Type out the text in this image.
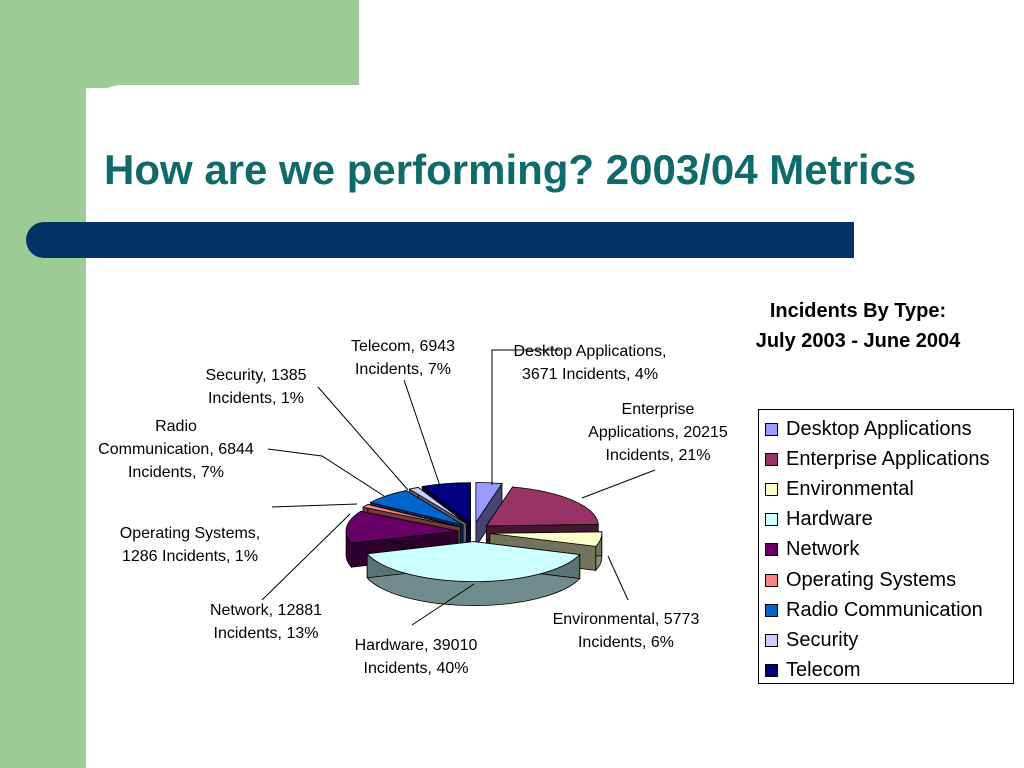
How are we performing? 2003/04 Metrics
Desktop Applications, 3671 Incidents, 4%
Enterprise Applications, 20215 Incidents, 21%
Environmental, 5773 Incidents, 6%
Hardware, 39010 Incidents, 40%
Network, 12881 Incidents, 13%
Operating Systems, 1286 Incidents, 1%
Radio Communication, 6844 Incidents, 7%
Security, 1385 Incidents, 1%
Telecom, 6943 Incidents, 7%
Incidents By Type:
July 2003 - June 2004
Desktop Applications
Enterprise Applications
Environmental
Hardware
Network
Operating Systems
Radio Communication
Security
Telecom
